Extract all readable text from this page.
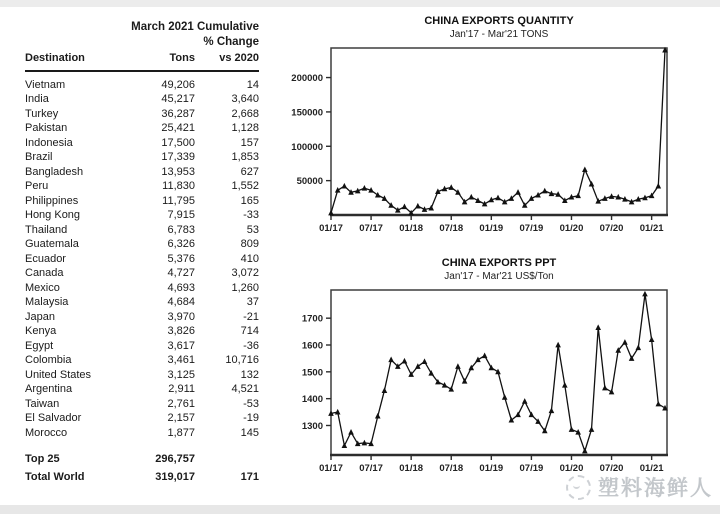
March 2021 Cumulative
% Change
Destination	Tons	vs 2020
Vietnam	49,206	14
India	45,217	3,640
Turkey	36,287	2,668
Pakistan	25,421	1,128
Indonesia	17,500	157
Brazil	17,339	1,853
Bangladesh	13,953	627
Peru	11,830	1,552
Philippines	11,795	165
Hong Kong	7,915	-33
Thailand	6,783	53
Guatemala	6,326	809
Ecuador	5,376	410
Canada	4,727	3,072
Mexico	4,693	1,260
Malaysia	4,684	37
Japan	3,970	-21
Kenya	3,826	714
Egypt	3,617	-36
Colombia	3,461	10,716
United States	3,125	132
Argentina	2,911	4,521
Taiwan	2,761	-53
El Salvador	2,157	-19
Morocco	1,877	145
Top 25	296,757
Total World	319,017	171
CHINA EXPORTS QUANTITY
Jan'17 - Mar'21 TONS
50000
100000
150000
200000
01/17 07/17 01/18 07/18 01/19 07/19 01/20 07/20 01/21
CHINA EXPORTS PPT
Jan'17 - Mar'21 US$/Ton
1300
1400
1500
1600
1700
01/17 07/17 01/18 07/18 01/19 07/19 01/20 07/20 01/21
塑料海鲜人
